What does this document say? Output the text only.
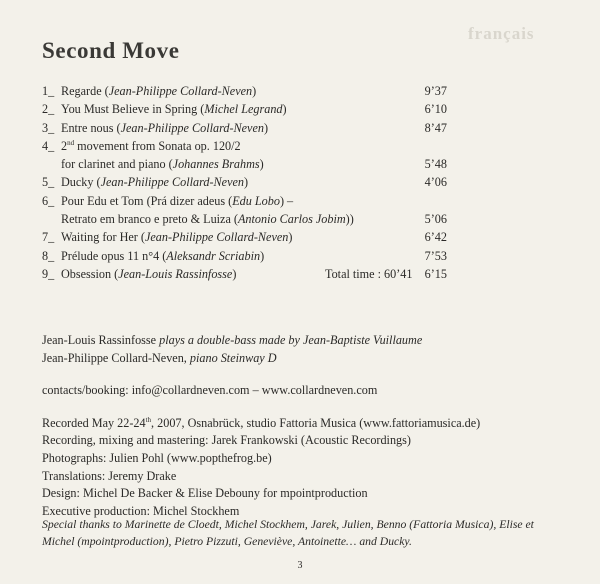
français
Second Move
1_ Regarde (Jean-Philippe Collard-Neven)	9’37
2_ You Must Believe in Spring (Michel Legrand)	6’10
3_ Entre nous (Jean-Philippe Collard-Neven)	8’47
4_ 2nd movement from Sonata op. 120/2
for clarinet and piano (Johannes Brahms)	5’48
5_ Ducky (Jean-Philippe Collard-Neven)	4’06
6_ Pour Edu et Tom (Prá dizer adeus (Edu Lobo) –
Retrato em branco e preto & Luiza (Antonio Carlos Jobim))	5’06
7_ Waiting for Her (Jean-Philippe Collard-Neven)	6’42
8_ Prélude opus 11 n°4 (Aleksandr Scriabin)	7’53
9_ Obsession (Jean-Louis Rassinfosse)	6’15
Total time : 60’41
Jean-Louis Rassinfosse plays a double-bass made by Jean-Baptiste Vuillaume
Jean-Philippe Collard-Neven, piano Steinway D
contacts/booking: info@collardneven.com – www.collardneven.com
Recorded May 22-24th, 2007, Osnabrück, studio Fattoria Musica (www.fattoriamusica.de)
Recording, mixing and mastering: Jarek Frankowski (Acoustic Recordings)
Photographs: Julien Pohl (www.popthefrog.be)
Translations: Jeremy Drake
Design: Michel De Backer & Elise Debouny for mpointproduction
Executive production: Michel Stockhem
Special thanks to Marinette de Cloedt, Michel Stockhem, Jarek, Julien, Benno (Fattoria Musica), Elise et Michel (mpointproduction), Pietro Pizzuti, Geneviève, Antoinette… and Ducky.
3
